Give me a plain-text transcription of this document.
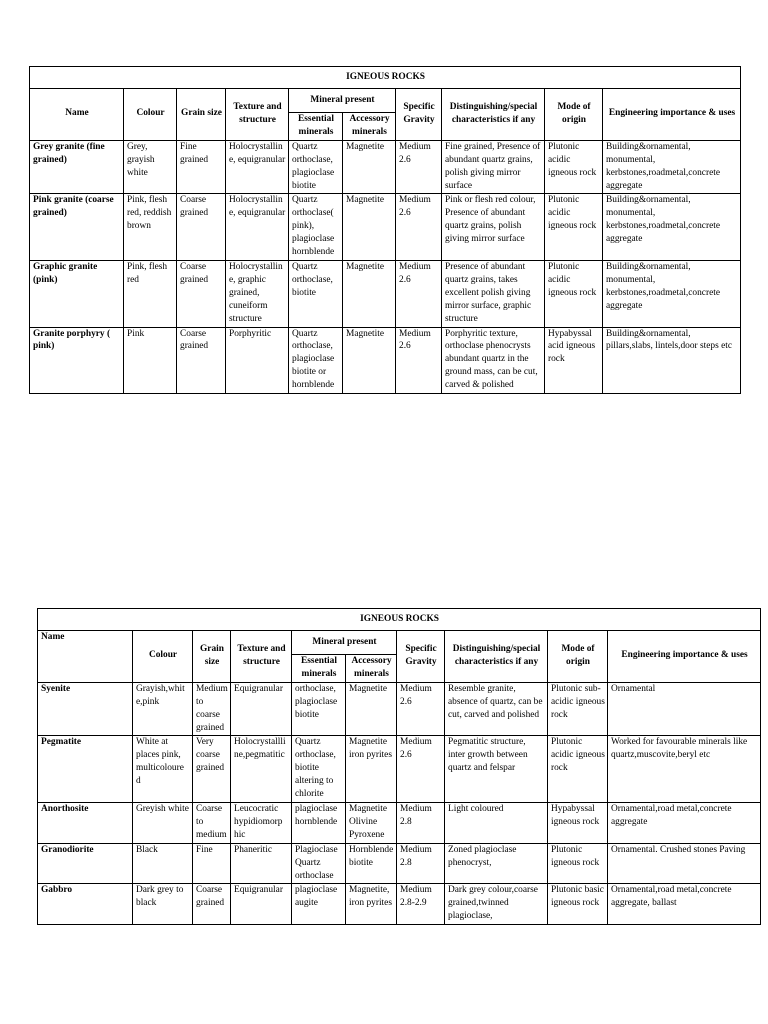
IGNEOUS ROCKS									
Name	Colour	Grain size	Texture and structure	Mineral present		Specific Gravity	Distinguishing/special characteristics if any	Mode of origin	Engineering importance & uses
				Essential minerals	Accessory minerals				
Grey granite (fine grained)	Grey, grayish white	Fine grained	Holocrystallin e, equigranular	Quartz orthoclase, plagioclase biotite	Magnetite	Medium 2.6	Fine grained, Presence of abundant quartz grains, polish giving mirror surface	Plutonic acidic igneous rock	Building&ornamental, monumental, kerbstones,roadmetal,concrete aggregate
Pink granite (coarse grained)	Pink, flesh red, reddish brown	Coarse grained	Holocrystallin e, equigranular	Quartz orthoclase( pink), plagioclase hornblende	Magnetite	Medium 2.6	Pink or flesh red colour, Presence of abundant quartz grains, polish giving mirror surface	Plutonic acidic igneous rock	Building&ornamental, monumental, kerbstones,roadmetal,concrete aggregate
Graphic granite (pink)	Pink, flesh red	Coarse grained	Holocrystallin e, graphic grained, cuneiform structure	Quartz orthoclase, biotite	Magnetite	Medium 2.6	Presence of abundant quartz grains, takes excellent polish giving mirror surface, graphic structure	Plutonic acidic igneous rock	Building&ornamental, monumental, kerbstones,roadmetal,concrete aggregate
Granite porphyry ( pink)	Pink	Coarse grained	Porphyritic	Quartz orthoclase, plagioclase biotite or hornblende	Magnetite	Medium 2.6	Porphyritic texture, orthoclase phenocrysts abundant quartz in the ground mass, can be cut, carved & polished	Hypabyssal acid igneous rock	Building&ornamental, pillars,slabs, lintels,door steps etc
IGNEOUS ROCKS									
Name	Colour	Grain size	Texture and structure	Mineral present		Specific Gravity	Distinguishing/special characteristics if any	Mode of origin	Engineering importance & uses
				Essential minerals	Accessory minerals				
Syenite	Grayish,whit e,pink	Medium to coarse grained	Equigranular	orthoclase, plagioclase biotite	Magnetite	Medium 2.6	Resemble granite, absence of quartz, can be cut, carved and polished	Plutonic sub-acidic igneous rock	Ornamental
Pegmatite	White at places pink, multicoloure d	Very coarse grained	Holocrystallli ne,pegmatitic	Quartz orthoclase, biotite altering to chlorite	Magnetite iron pyrites	Medium 2.6	Pegmatitic structure, inter growth between quartz and felspar	Plutonic acidic igneous rock	Worked for favourable minerals like quartz,muscovite,beryl etc
Anorthosite	Greyish white	Coarse to medium	Leucocratic hypidiomorp hic	plagioclase hornblende	Magnetite Olivine Pyroxene	Medium 2.8	Light coloured	Hypabyssal igneous rock	Ornamental,road metal,concrete aggregate
Granodiorite	Black	Fine	Phaneritic	Plagioclase Quartz orthoclase	Hornblende biotite	Medium 2.8	Zoned plagioclase phenocryst,	Plutonic igneous rock	Ornamental. Crushed stones Paving
Gabbro	Dark grey to black	Coarse grained	Equigranular	plagioclase augite	Magnetite, iron pyrites	Medium 2.8-2.9	Dark grey colour,coarse grained,twinned plagioclase,	Plutonic basic igneous rock	Ornamental,road metal,concrete aggregate, ballast
